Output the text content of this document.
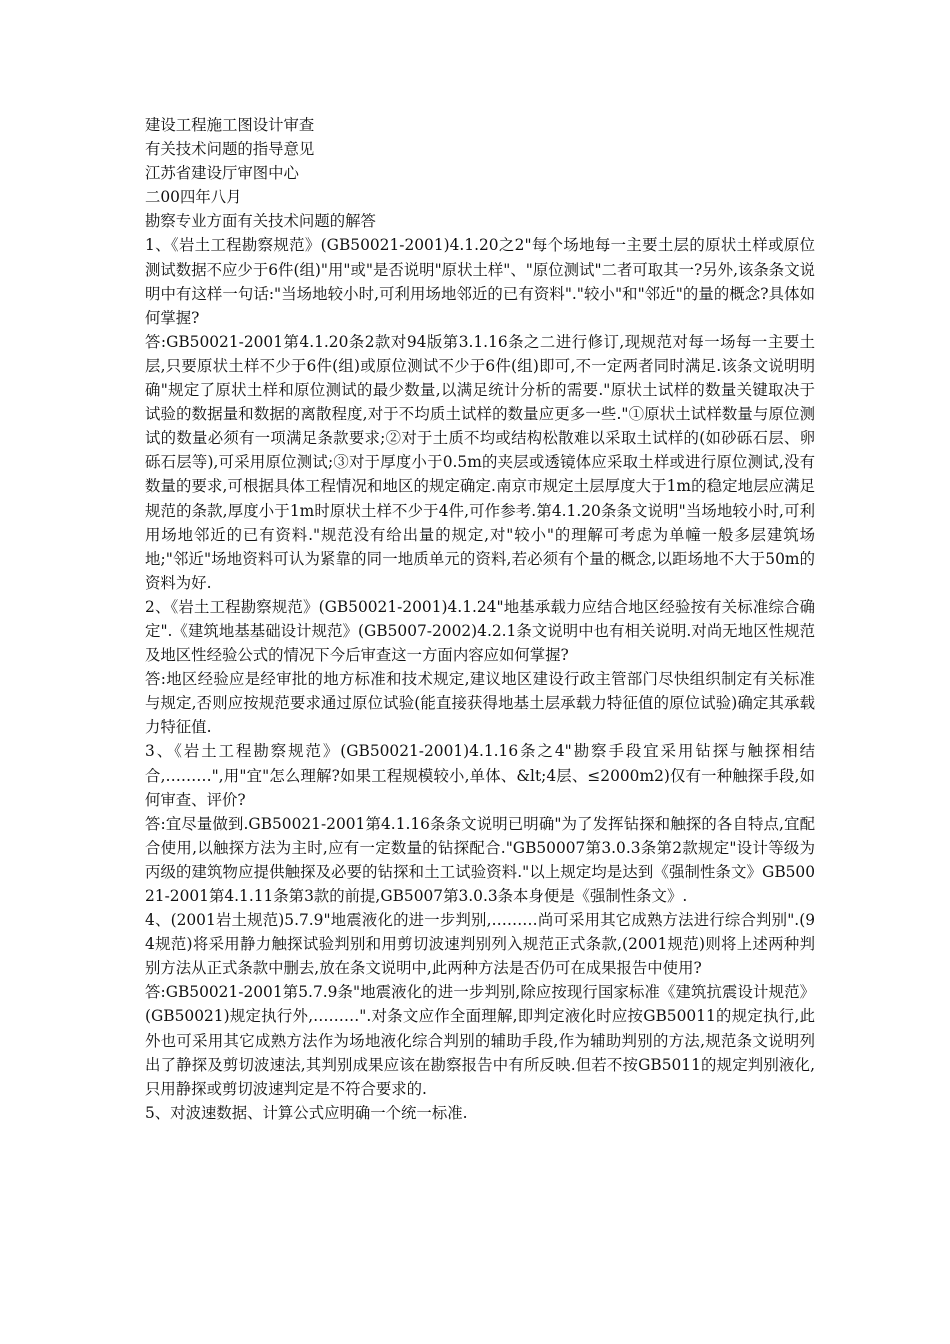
建设工程施工图设计审查
有关技术问题的指导意见
江苏省建设厅审图中心
二00四年八月
勘察专业方面有关技术问题的解答
1、《岩土工程勘察规范》(GB50021-2001)4.1.20之2"每个场地每一主要土层的原状土样或原位测试数据不应少于6件(组)"用"或"是否说明"原状土样"、"原位测试"二者可取其一?另外,该条条文说明中有这样一句话:"当场地较小时,可利用场地邻近的已有资料"."较小"和"邻近"的量的概念?具体如何掌握?
答:GB50021-2001第4.1.20条2款对94版第3.1.16条之二进行修订,现规范对每一场每一主要土层,只要原状土样不少于6件(组)或原位测试不少于6件(组)即可,不一定两者同时满足.该条文说明明确"规定了原状土样和原位测试的最少数量,以满足统计分析的需要."原状土试样的数量关键取决于试验的数据量和数据的离散程度,对于不均质土试样的数量应更多一些."①原状土试样数量与原位测试的数量必须有一项满足条款要求;②对于土质不均或结构松散难以采取土试样的(如砂砾石层、卵砾石层等),可采用原位测试;③对于厚度小于0.5m的夹层或透镜体应采取土样或进行原位测试,没有数量的要求,可根据具体工程情况和地区的规定确定.南京市规定土层厚度大于1m的稳定地层应满足规范的条款,厚度小于1m时原状土样不少于4件,可作参考.第4.1.20条条文说明"当场地较小时,可利用场地邻近的已有资料."规范没有给出量的规定,对"较小"的理解可考虑为单幢一般多层建筑场地;"邻近"场地资料可认为紧靠的同一地质单元的资料,若必须有个量的概念,以距场地不大于50m的资料为好.
2、《岩土工程勘察规范》(GB50021-2001)4.1.24"地基承载力应结合地区经验按有关标准综合确定".《建筑地基基础设计规范》(GB5007-2002)4.2.1条文说明中也有相关说明.对尚无地区性规范及地区性经验公式的情况下今后审查这一方面内容应如何掌握?
答:地区经验应是经审批的地方标准和技术规定,建议地区建设行政主管部门尽快组织制定有关标准与规定,否则应按规范要求通过原位试验(能直接获得地基土层承载力特征值的原位试验)确定其承载力特征值.
3、《岩土工程勘察规范》(GB50021-2001)4.1.16条之4"勘察手段宜采用钻探与触探相结合,………",用"宜"怎么理解?如果工程规模较小,单体、&lt;4层、≤2000m2)仅有一种触探手段,如何审查、评价?
答:宜尽量做到.GB50021-2001第4.1.16条条文说明已明确"为了发挥钻探和触探的各自特点,宜配合使用,以触探方法为主时,应有一定数量的钻探配合."GB50007第3.0.3条第2款规定"设计等级为丙级的建筑物应提供触探及必要的钻探和土工试验资料."以上规定均是达到《强制性条文》GB50021-2001第4.1.11条第3款的前提,GB5007第3.0.3条本身便是《强制性条文》.
4、(2001岩土规范)5.7.9"地震液化的进一步判别,………尚可采用其它成熟方法进行综合判别".(94规范)将采用静力触探试验判别和用剪切波速判别列入规范正式条款,(2001规范)则将上述两种判别方法从正式条款中删去,放在条文说明中,此两种方法是否仍可在成果报告中使用?
答:GB50021-2001第5.7.9条"地震液化的进一步判别,除应按现行国家标准《建筑抗震设计规范》(GB50021)规定执行外,………".对条文应作全面理解,即判定液化时应按GB50011的规定执行,此外也可采用其它成熟方法作为场地液化综合判别的辅助手段,作为辅助判别的方法,规范条文说明列出了静探及剪切波速法,其判别成果应该在勘察报告中有所反映.但若不按GB5011的规定判别液化,只用静探或剪切波速判定是不符合要求的.
5、对波速数据、计算公式应明确一个统一标准.
